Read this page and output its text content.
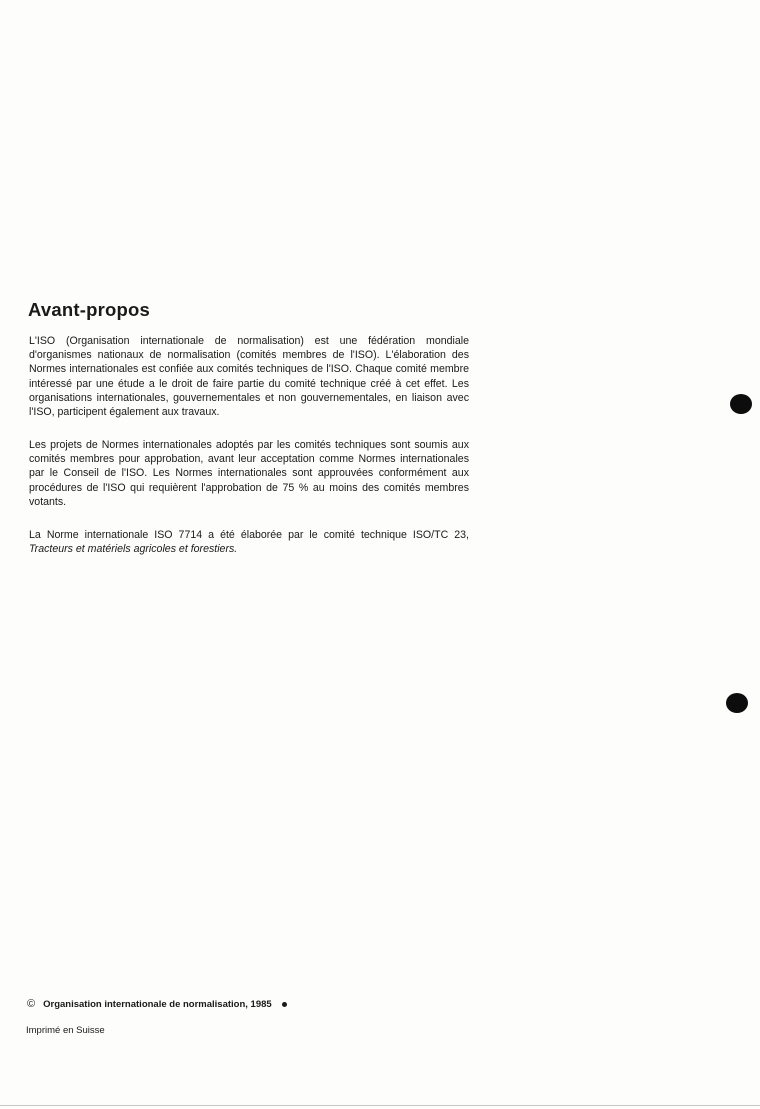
Avant-propos

L'ISO (Organisation internationale de normalisation) est une fédération mondiale d'organismes nationaux de normalisation (comités membres de l'ISO). L'élaboration des Normes internationales est confiée aux comités techniques de l'ISO. Chaque comité membre intéressé par une étude a le droit de faire partie du comité technique créé à cet effet. Les organisations internationales, gouvernementales et non gouvernementales, en liaison avec l'ISO, participent également aux travaux.

Les projets de Normes internationales adoptés par les comités techniques sont soumis aux comités membres pour approbation, avant leur acceptation comme Normes internationales par le Conseil de l'ISO. Les Normes internationales sont approuvées conformément aux procédures de l'ISO qui requièrent l'approbation de 75 % au moins des comités membres votants.

La Norme internationale ISO 7714 a été élaborée par le comité technique ISO/TC 23, Tracteurs et matériels agricoles et forestiers.

© Organisation internationale de normalisation, 1985
Imprimé en Suisse
